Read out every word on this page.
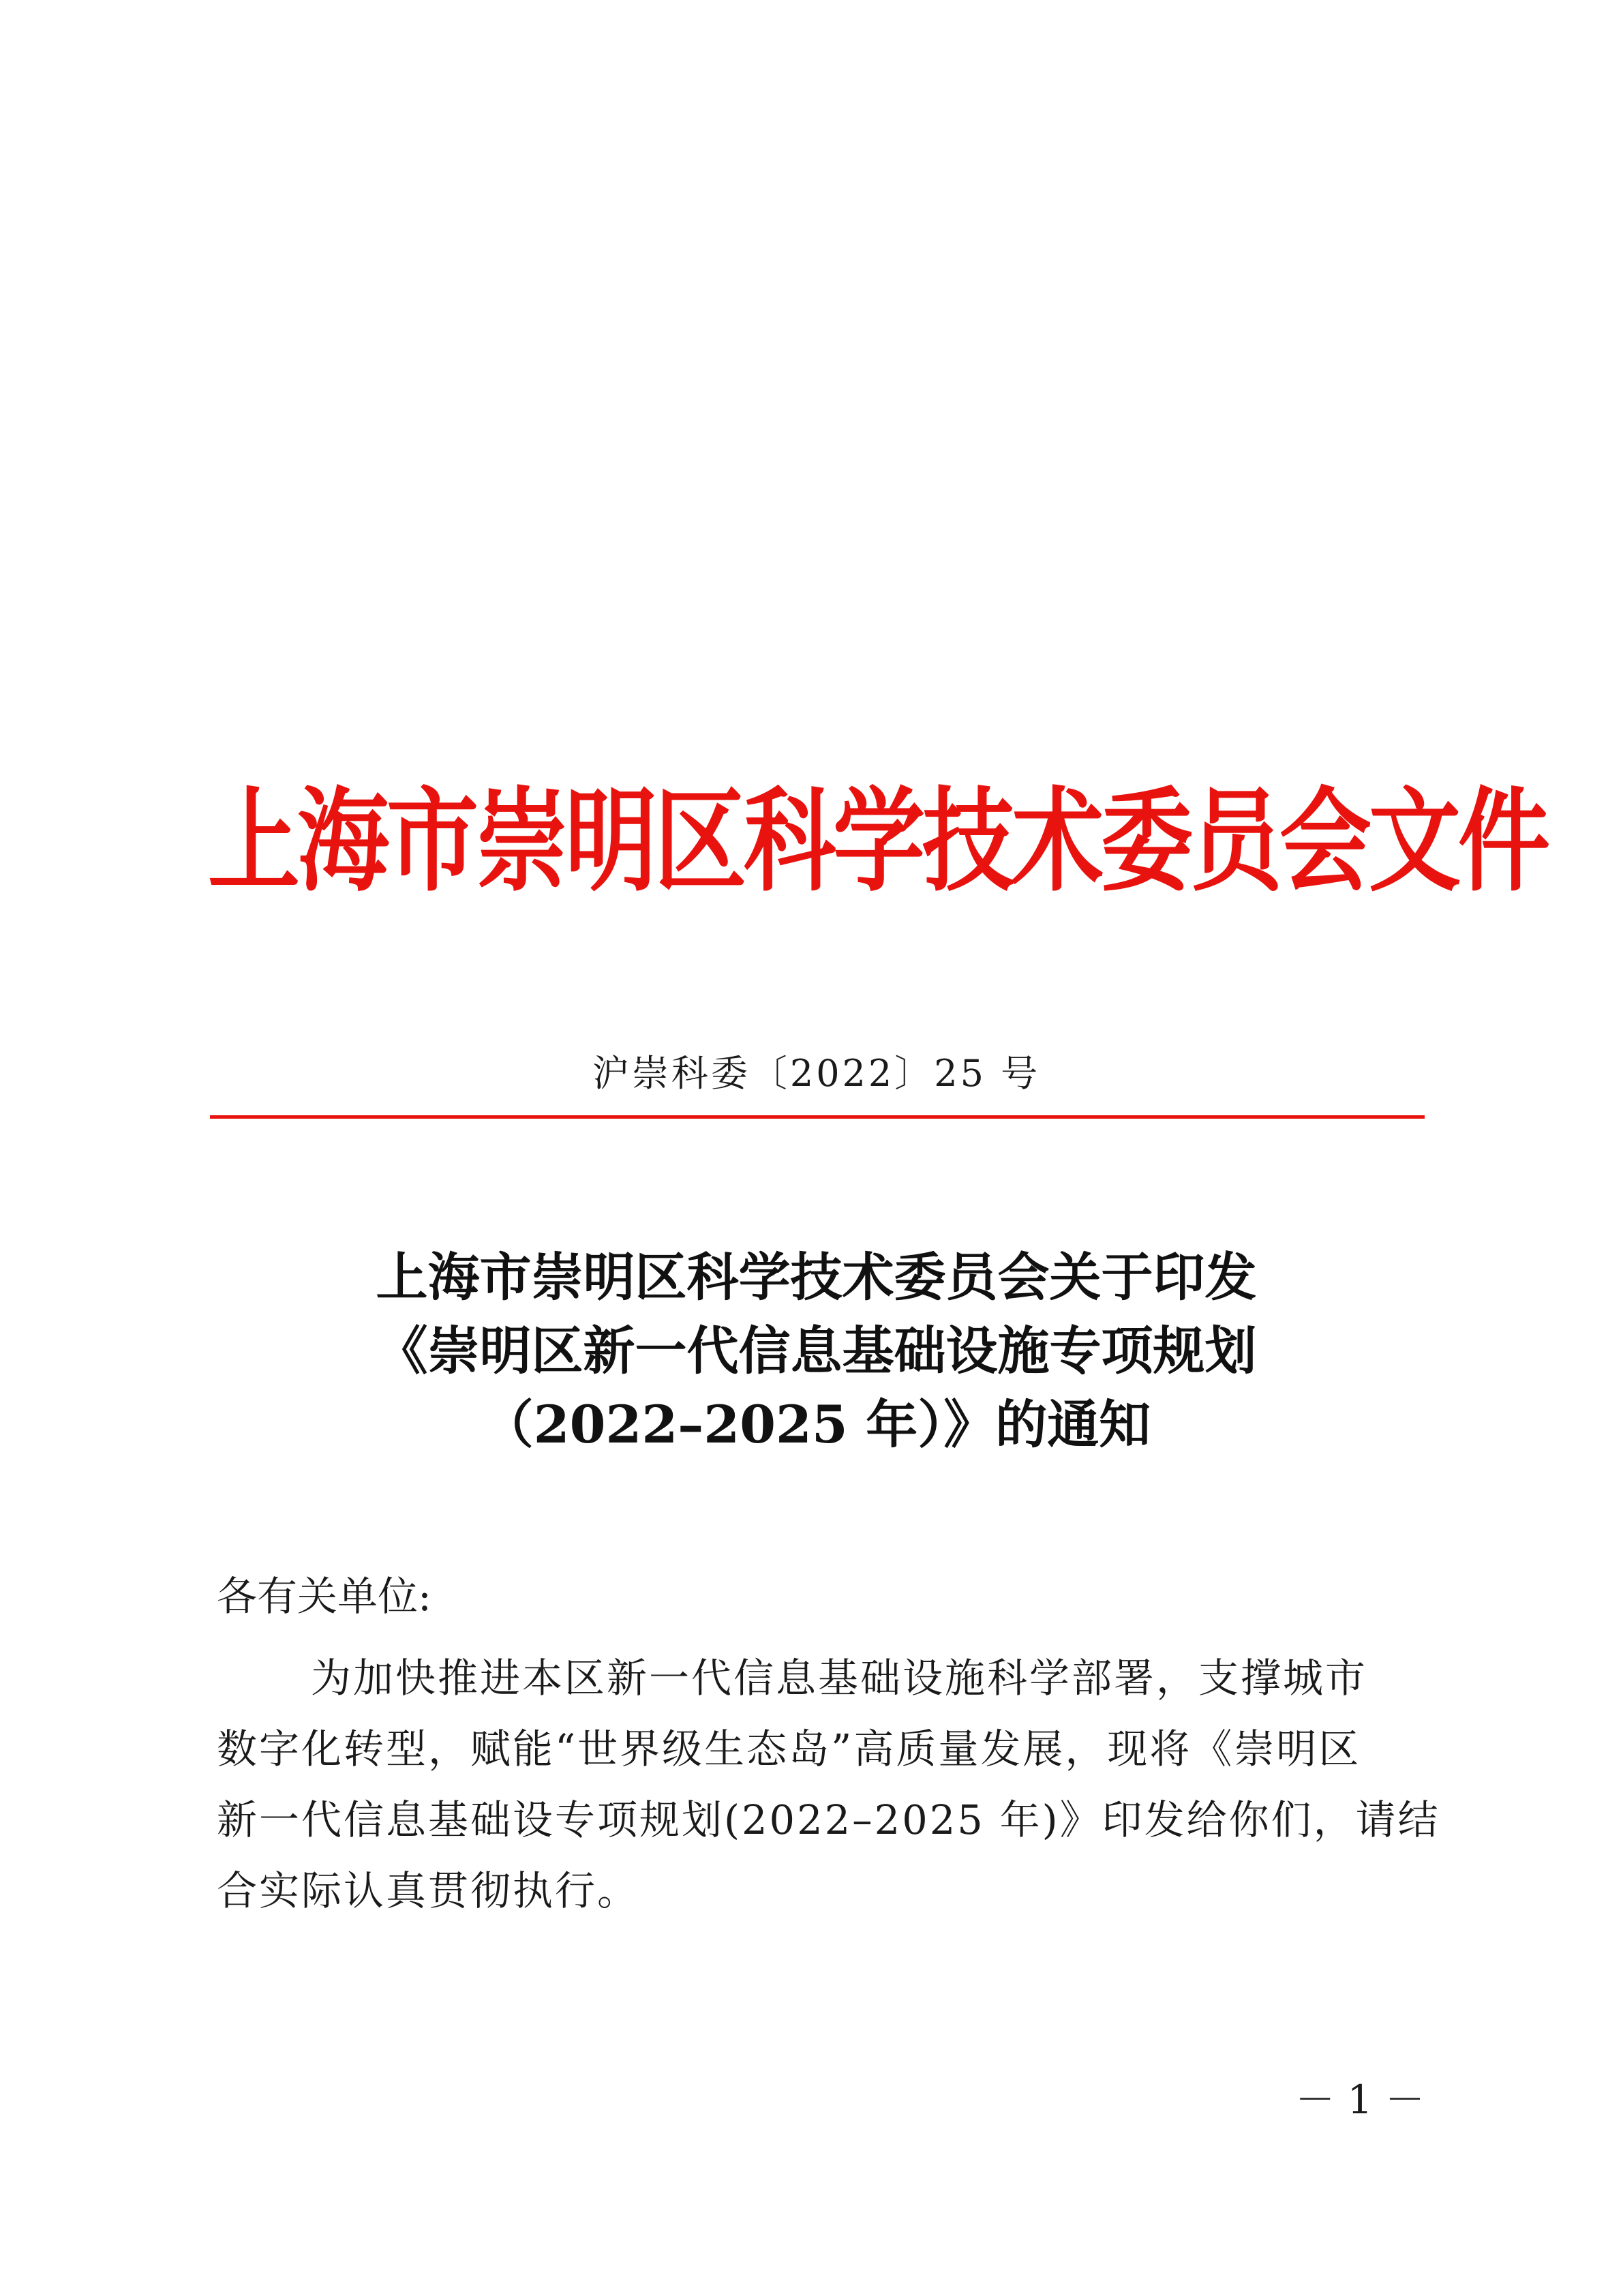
上海市崇明区科学技术委员会文件
沪崇科委〔2022〕25 号
上海市崇明区科学技术委员会关于印发
《崇明区新一代信息基础设施专项规划
（2022–2025 年）》的通知
各有关单位:
为加快推进本区新一代信息基础设施科学部署，支撑城市
数字化转型，赋能“世界级生态岛”高质量发展，现将《崇明区
新一代信息基础设专项规划(2022–2025 年)》印发给你们，请结
合实际认真贯彻执行。
－ 1 －
